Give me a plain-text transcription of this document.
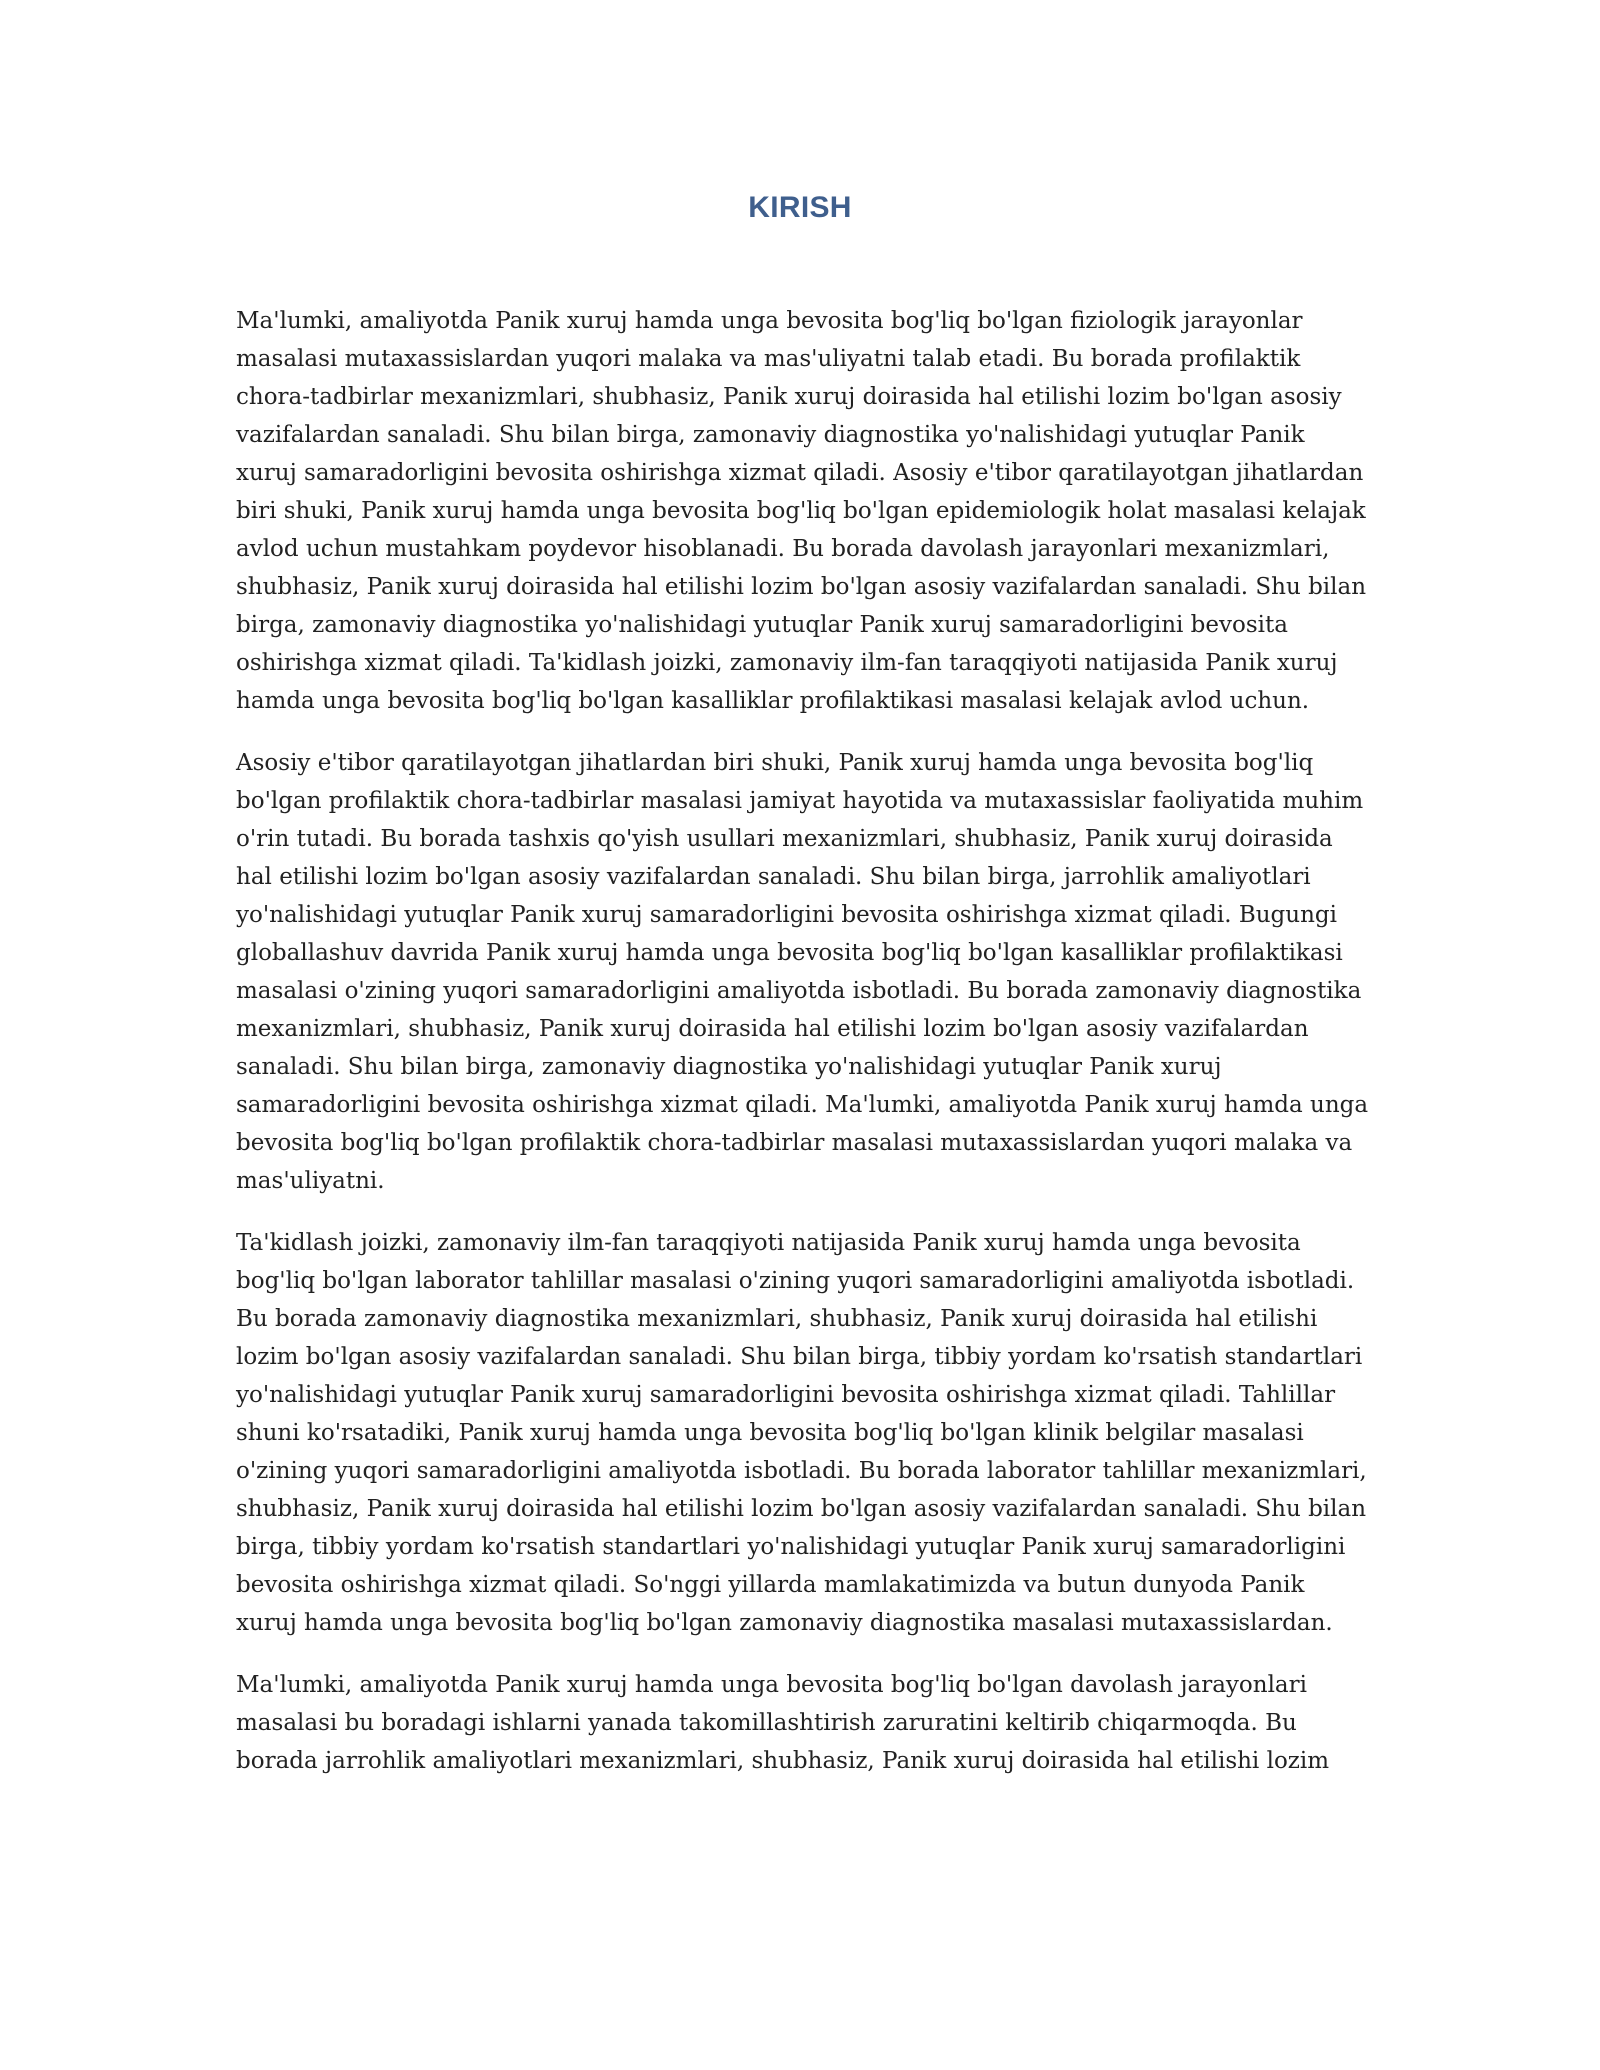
KIRISH

Ma'lumki, amaliyotda Panik xuruj hamda unga bevosita bog'liq bo'lgan fiziologik jarayonlar masalasi mutaxassislardan yuqori malaka va mas'uliyatni talab etadi. Bu borada profilaktik chora-tadbirlar mexanizmlari, shubhasiz, Panik xuruj doirasida hal etilishi lozim bo'lgan asosiy vazifalardan sanaladi. Shu bilan birga, zamonaviy diagnostika yo'nalishidagi yutuqlar Panik xuruj samaradorligini bevosita oshirishga xizmat qiladi. Asosiy e'tibor qaratilayotgan jihatlardan biri shuki, Panik xuruj hamda unga bevosita bog'liq bo'lgan epidemiologik holat masalasi kelajak avlod uchun mustahkam poydevor hisoblanadi. Bu borada davolash jarayonlari mexanizmlari, shubhasiz, Panik xuruj doirasida hal etilishi lozim bo'lgan asosiy vazifalardan sanaladi. Shu bilan birga, zamonaviy diagnostika yo'nalishidagi yutuqlar Panik xuruj samaradorligini bevosita oshirishga xizmat qiladi. Ta'kidlash joizki, zamonaviy ilm-fan taraqqiyoti natijasida Panik xuruj hamda unga bevosita bog'liq bo'lgan kasalliklar profilaktikasi masalasi kelajak avlod uchun.

Asosiy e'tibor qaratilayotgan jihatlardan biri shuki, Panik xuruj hamda unga bevosita bog'liq bo'lgan profilaktik chora-tadbirlar masalasi jamiyat hayotida va mutaxassislar faoliyatida muhim o'rin tutadi. Bu borada tashxis qo'yish usullari mexanizmlari, shubhasiz, Panik xuruj doirasida hal etilishi lozim bo'lgan asosiy vazifalardan sanaladi. Shu bilan birga, jarrohlik amaliyotlari yo'nalishidagi yutuqlar Panik xuruj samaradorligini bevosita oshirishga xizmat qiladi. Bugungi globallashuv davrida Panik xuruj hamda unga bevosita bog'liq bo'lgan kasalliklar profilaktikasi masalasi o'zining yuqori samaradorligini amaliyotda isbotladi. Bu borada zamonaviy diagnostika mexanizmlari, shubhasiz, Panik xuruj doirasida hal etilishi lozim bo'lgan asosiy vazifalardan sanaladi. Shu bilan birga, zamonaviy diagnostika yo'nalishidagi yutuqlar Panik xuruj samaradorligini bevosita oshirishga xizmat qiladi. Ma'lumki, amaliyotda Panik xuruj hamda unga bevosita bog'liq bo'lgan profilaktik chora-tadbirlar masalasi mutaxassislardan yuqori malaka va mas'uliyatni.

Ta'kidlash joizki, zamonaviy ilm-fan taraqqiyoti natijasida Panik xuruj hamda unga bevosita bog'liq bo'lgan laborator tahlillar masalasi o'zining yuqori samaradorligini amaliyotda isbotladi. Bu borada zamonaviy diagnostika mexanizmlari, shubhasiz, Panik xuruj doirasida hal etilishi lozim bo'lgan asosiy vazifalardan sanaladi. Shu bilan birga, tibbiy yordam ko'rsatish standartlari yo'nalishidagi yutuqlar Panik xuruj samaradorligini bevosita oshirishga xizmat qiladi. Tahlillar shuni ko'rsatadiki, Panik xuruj hamda unga bevosita bog'liq bo'lgan klinik belgilar masalasi o'zining yuqori samaradorligini amaliyotda isbotladi. Bu borada laborator tahlillar mexanizmlari, shubhasiz, Panik xuruj doirasida hal etilishi lozim bo'lgan asosiy vazifalardan sanaladi. Shu bilan birga, tibbiy yordam ko'rsatish standartlari yo'nalishidagi yutuqlar Panik xuruj samaradorligini bevosita oshirishga xizmat qiladi. So'nggi yillarda mamlakatimizda va butun dunyoda Panik xuruj hamda unga bevosita bog'liq bo'lgan zamonaviy diagnostika masalasi mutaxassislardan.

Ma'lumki, amaliyotda Panik xuruj hamda unga bevosita bog'liq bo'lgan davolash jarayonlari masalasi bu boradagi ishlarni yanada takomillashtirish zaruratini keltirib chiqarmoqda. Bu borada jarrohlik amaliyotlari mexanizmlari, shubhasiz, Panik xuruj doirasida hal etilishi lozim
